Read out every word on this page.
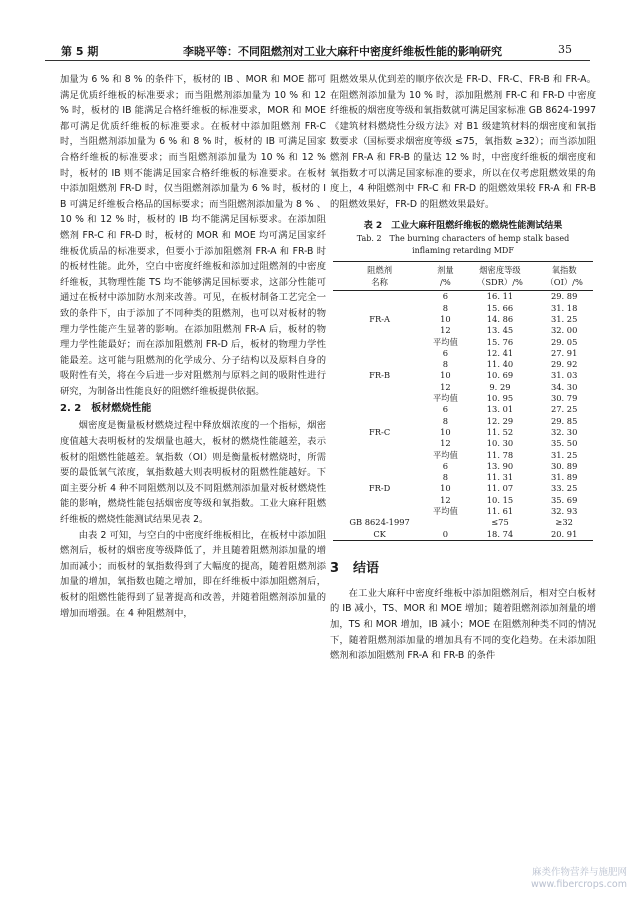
第 5 期	李晓平等：不同阻燃剂对工业大麻秆中密度纤维板性能的影响研究	35

加量为 6 % 和 8 % 的条件下，板材的 IB 、MOR 和 MOE 都可满足优质纤维板的标准要求；而当阻燃剂添加量为 10 % 和 12 % 时，板材的 IB 能满足合格纤维板的标准要求，MOR 和 MOE 都可满足优质纤维板的标准要求。在板材中添加阻燃剂 FR-C 时，当阻燃剂添加量为 6 % 和 8 % 时，板材的 IB 可满足国家合格纤维板的标准要求；而当阻燃剂添加量为 10 % 和 12 % 时，板材的 IB 则不能满足国家合格纤维板的标准要求。在板材中添加阻燃剂 FR-D 时，仅当阻燃剂添加量为 6 % 时，板材的 IB 可满足纤维板合格品的国标要求；而当阻燃剂添加量为 8 % 、10 % 和 12 % 时，板材的 IB 均不能满足国标要求。在添加阻燃剂 FR-C 和 FR-D 时，板材的 MOR 和 MOE 均可满足国家纤维板优质品的标准要求，但要小于添加阻燃剂 FR-A 和 FR-B 时的板材性能。此外，空白中密度纤维板和添加过阻燃剂的中密度纤维板，其物理性能 TS 均不能够满足国标要求，这部分性能可通过在板材中添加防水剂来改善。可见，在板材制备工艺完全一致的条件下，由于添加了不同种类的阻燃剂，也可以对板材的物理力学性能产生显著的影响。在添加阻燃剂 FR-A 后，板材的物理力学性能最好；而在添加阻燃剂 FR-D 后，板材的物理力学性能最差。这可能与阻燃剂的化学成分、分子结构以及原料自身的吸附性有关，将在今后进一步对阻燃剂与原料之间的吸附性进行研究，为制备出性能良好的阻燃纤维板提供依据。

2. 2 板材燃烧性能

烟密度是衡量板材燃烧过程中释放烟浓度的一个指标，烟密度值越大表明板材的发烟量也越大，板材的燃烧性能越差，表示板材的阻燃性能越差。氧指数（OI）则是衡量板材燃烧时，所需要的最低氧气浓度，氧指数越大则表明板材的阻燃性能越好。下面主要分析 4 种不同阻燃剂以及不同阻燃剂添加量对板材燃烧性能的影响，燃烧性能包括烟密度等级和氧指数。工业大麻秆阻燃纤维板的燃烧性能测试结果见表 2。

由表 2 可知，与空白的中密度纤维板相比，在板材中添加阻燃剂后，板材的烟密度等级降低了，并且随着阻燃剂添加量的增加而减小；而板材的氧指数得到了大幅度的提高，随着阻燃剂添加量的增加，氧指数也随之增加，即在纤维板中添加阻燃剂后，板材的阻燃性能得到了显著提高和改善，并随着阻燃剂添加量的增加而增强。在 4 种阻燃剂中，

阻燃效果从优到差的顺序依次是 FR-D、FR-C、FR-B 和 FR-A。在阻燃剂添加量为 10 % 时，添加阻燃剂 FR-C 和 FR-D 中密度纤维板的烟密度等级和氧指数就可满足国家标准 GB 8624-1997《建筑材料燃烧性分级方法》对 B1 级建筑材料的烟密度和氧指数要求（国标要求烟密度等级 ≤75，氧指数 ≥32）；而当添加阻燃剂 FR-A 和 FR-B 的量达 12 % 时，中密度纤维板的烟密度和氧指数才可以满足国家标准的要求，所以在仅考虑阻燃效果的角度上，4 种阻燃剂中 FR-C 和 FR-D 的阻燃效果较 FR-A 和 FR-B 的阻燃效果好，FR-D 的阻燃效果最好。

表 2　工业大麻秆阻燃纤维板的燃烧性能测试结果
Tab. 2　The burning characters of hemp stalk based
inflaming retarding MDF
阻燃剂
名称	剂量
/%	烟密度等级
（SDR）/%	氧指数
（OI）/%
FR-A	6	16. 11	29. 89
	8	15. 66	31. 18
	10	14. 86	31. 25
	12	13. 45	32. 00
	平均值	15. 76	29. 05
FR-B	6	12. 41	27. 91
	8	11. 40	29. 92
	10	10. 69	31. 03
	12	9. 29	34. 30
	平均值	10. 95	30. 79
FR-C	6	13. 01	27. 25
	8	12. 29	29. 85
	10	11. 52	32. 30
	12	10. 30	35. 50
	平均值	11. 78	31. 25
FR-D	6	13. 90	30. 89
	8	11. 31	31. 89
	10	11. 07	33. 25
	12	10. 15	35. 69
	平均值	11. 61	32. 93
GB 8624-1997		≤75	≥32
CK	0	18. 74	20. 91
3 结语

在工业大麻秆中密度纤维板中添加阻燃剂后，相对空白板材的 IB 减小，TS、MOR 和 MOE 增加；随着阻燃剂添加剂量的增加，TS 和 MOR 增加，IB 减小；MOE 在阻燃剂种类不同的情况下，随着阻燃剂添加量的增加具有不同的变化趋势。在未添加阻燃剂和添加阻燃剂 FR-A 和 FR-B 的条件

麻类作物营养与施肥网
www.fibercrops.com
